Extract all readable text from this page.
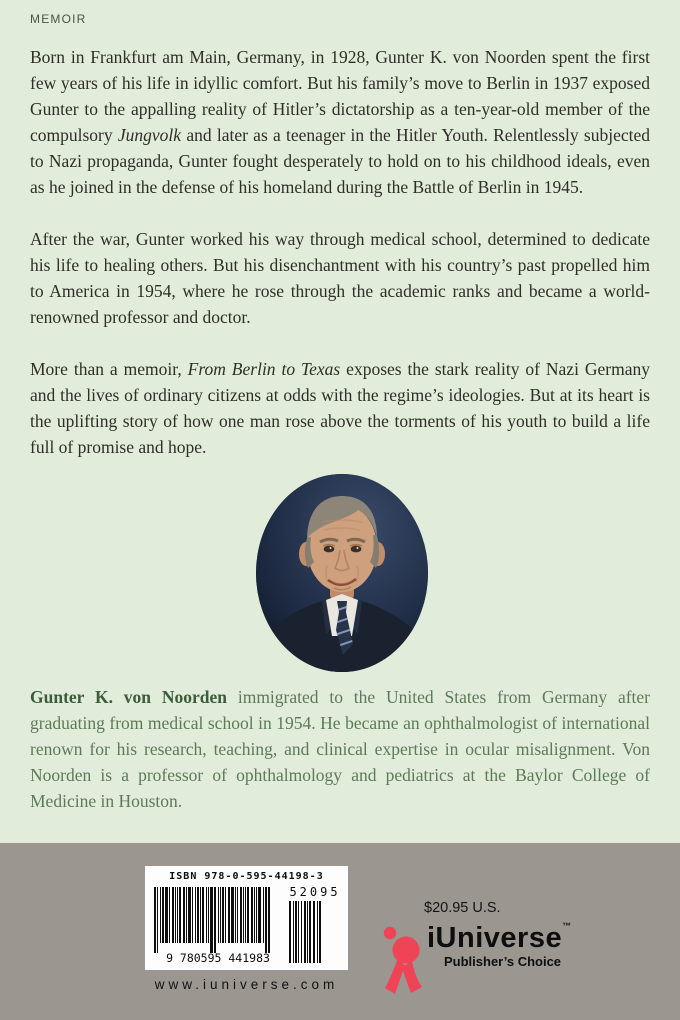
MEMOIR

Born in Frankfurt am Main, Germany, in 1928, Gunter K. von Noorden spent the first few years of his life in idyllic comfort. But his family’s move to Berlin in 1937 exposed Gunter to the appalling reality of Hitler’s dictatorship as a ten-year-old member of the compulsory Jungvolk and later as a teenager in the Hitler Youth. Relentlessly subjected to Nazi propaganda, Gunter fought desperately to hold on to his childhood ideals, even as he joined in the defense of his homeland during the Battle of Berlin in 1945.

After the war, Gunter worked his way through medical school, determined to dedicate his life to healing others. But his disenchantment with his country’s past propelled him to America in 1954, where he rose through the academic ranks and became a world-renowned professor and doctor.

More than a memoir, From Berlin to Texas exposes the stark reality of Nazi Germany and the lives of ordinary citizens at odds with the regime’s ideologies. But at its heart is the uplifting story of how one man rose above the torments of his youth to build a life full of promise and hope.

Gunter K. von Noorden immigrated to the United States from Germany after graduating from medical school in 1954. He became an ophthalmologist of international renown for his research, teaching, and clinical expertise in ocular misalignment. Von Noorden is a professor of ophthalmology and pediatrics at the Baylor College of Medicine in Houston.
ISBN 978-0-595-44198-3
9 780595 441983
52095
www.iuniverse.com
$20.95 U.S.
iUniverse™
Publisher’s Choice
